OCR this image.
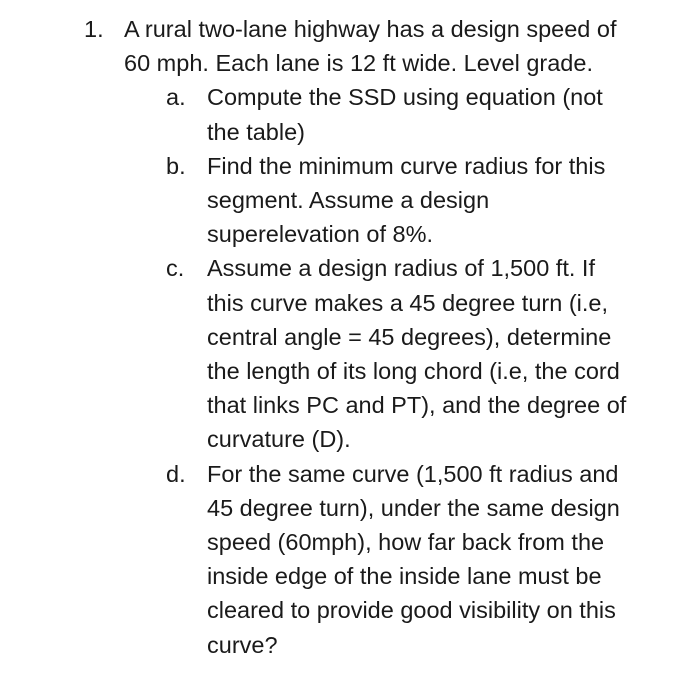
1. A rural two-lane highway has a design speed of
60 mph. Each lane is 12 ft wide. Level grade.
a. Compute the SSD using equation (not
the table)
b. Find the minimum curve radius for this
segment. Assume a design
superelevation of 8%.
c. Assume a design radius of 1,500 ft. If
this curve makes a 45 degree turn (i.e,
central angle = 45 degrees), determine
the length of its long chord (i.e, the cord
that links PC and PT), and the degree of
curvature (D).
d. For the same curve (1,500 ft radius and
45 degree turn), under the same design
speed (60mph), how far back from the
inside edge of the inside lane must be
cleared to provide good visibility on this
curve?
